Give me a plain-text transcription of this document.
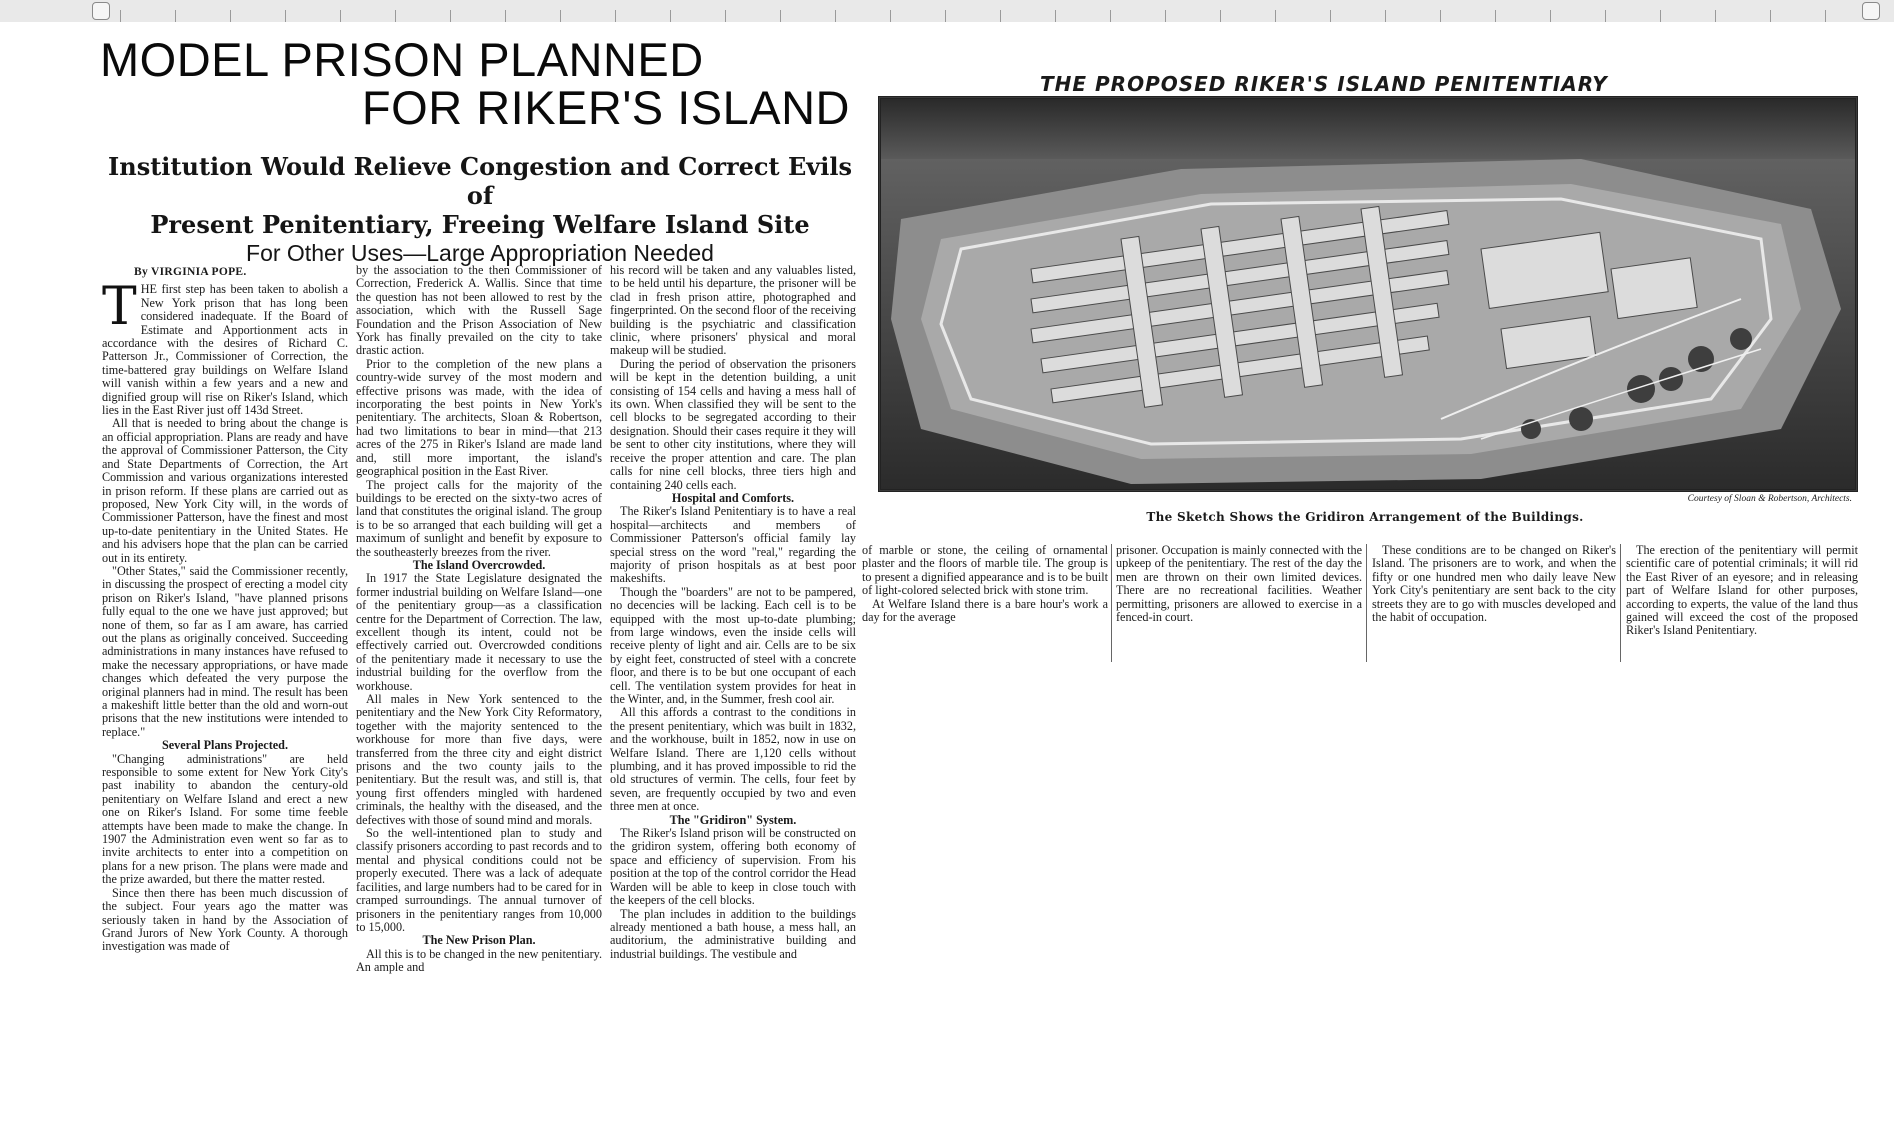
MODEL PRISON PLANNED
FOR RIKER'S ISLAND
Institution Would Relieve Congestion and Correct Evils of
Present Penitentiary, Freeing Welfare Island Site
For Other Uses—Large Appropriation Needed
By VIRGINIA POPE.

THE first step has been taken to abolish a New York prison that has long been considered inadequate. If the Board of Estimate and Apportionment acts in accordance with the desires of Richard C. Patterson Jr., Commissioner of Correction, the time-battered gray buildings on Welfare Island will vanish within a few years and a new and dignified group will rise on Riker's Island, which lies in the East River just off 143d Street.

All that is needed to bring about the change is an official appropriation. Plans are ready and have the approval of Commissioner Patterson, the City and State Departments of Correction, the Art Commission and various organizations interested in prison reform. If these plans are carried out as proposed, New York City will, in the words of Commissioner Patterson, have the finest and most up-to-date penitentiary in the United States. He and his advisers hope that the plan can be carried out in its entirety.

"Other States," said the Commissioner recently, in discussing the prospect of erecting a model city prison on Riker's Island, "have planned prisons fully equal to the one we have just approved; but none of them, so far as I am aware, has carried out the plans as originally conceived. Succeeding administrations in many instances have refused to make the necessary appropriations, or have made changes which defeated the very purpose the original planners had in mind. The result has been a makeshift little better than the old and worn-out prisons that the new institutions were intended to replace."

Several Plans Projected.

"Changing administrations" are held responsible to some extent for New York City's past inability to abandon the century-old penitentiary on Welfare Island and erect a new one on Riker's Island. For some time feeble attempts have been made to make the change. In 1907 the Administration even went so far as to invite architects to enter into a competition on plans for a new prison. The plans were made and the prize awarded, but there the matter rested.

Since then there has been much discussion of the subject. Four years ago the matter was seriously taken in hand by the Association of Grand Jurors of New York County. A thorough investigation was made of

by the association to the then Commissioner of Correction, Frederick A. Wallis. Since that time the question has not been allowed to rest by the association, which with the Russell Sage Foundation and the Prison Association of New York has finally prevailed on the city to take drastic action.

Prior to the completion of the new plans a country-wide survey of the most modern and effective prisons was made, with the idea of incorporating the best points in New York's penitentiary. The architects, Sloan & Robertson, had two limitations to bear in mind—that 213 acres of the 275 in Riker's Island are made land and, still more important, the island's geographical position in the East River.

The project calls for the majority of the buildings to be erected on the sixty-two acres of land that constitutes the original island. The group is to be so arranged that each building will get a maximum of sunlight and benefit by exposure to the southeasterly breezes from the river.

The Island Overcrowded.

In 1917 the State Legislature designated the former industrial building on Welfare Island—one of the penitentiary group—as a classification centre for the Department of Correction. The law, excellent though its intent, could not be effectively carried out. Overcrowded conditions of the penitentiary made it necessary to use the industrial building for the overflow from the workhouse.

All males in New York sentenced to the penitentiary and the New York City Reformatory, together with the majority sentenced to the workhouse for more than five days, were transferred from the three city and eight district prisons and the two county jails to the penitentiary. But the result was, and still is, that young first offenders mingled with hardened criminals, the healthy with the diseased, and the defectives with those of sound mind and morals.

So the well-intentioned plan to study and classify prisoners according to past records and to mental and physical conditions could not be properly executed. There was a lack of adequate facilities, and large numbers had to be cared for in cramped surroundings. The annual turnover of prisoners in the penitentiary ranges from 10,000 to 15,000.

The New Prison Plan.

All this is to be changed in the new penitentiary. An ample and

his record will be taken and any valuables listed, to be held until his departure, the prisoner will be clad in fresh prison attire, photographed and fingerprinted. On the second floor of the receiving building is the psychiatric and classification clinic, where prisoners' physical and moral makeup will be studied.

During the period of observation the prisoners will be kept in the detention building, a unit consisting of 154 cells and having a mess hall of its own. When classified they will be sent to the cell blocks to be segregated according to their designation. Should their cases require it they will be sent to other city institutions, where they will receive the proper attention and care. The plan calls for nine cell blocks, three tiers high and containing 240 cells each.

Hospital and Comforts.

The Riker's Island Penitentiary is to have a real hospital—architects and members of Commissioner Patterson's official family lay special stress on the word "real," regarding the majority of prison hospitals as at best poor makeshifts.

Though the "boarders" are not to be pampered, no decencies will be lacking. Each cell is to be equipped with the most up-to-date plumbing; from large windows, even the inside cells will receive plenty of light and air. Cells are to be six by eight feet, constructed of steel with a concrete floor, and there is to be but one occupant of each cell. The ventilation system provides for heat in the Winter, and, in the Summer, fresh cool air.

All this affords a contrast to the conditions in the present penitentiary, which was built in 1832, and the workhouse, built in 1852, now in use on Welfare Island. There are 1,120 cells without plumbing, and it has proved impossible to rid the old structures of vermin. The cells, four feet by seven, are frequently occupied by two and even three men at once.

The "Gridiron" System.

The Riker's Island prison will be constructed on the gridiron system, offering both economy of space and efficiency of supervision. From his position at the top of the control corridor the Head Warden will be able to keep in close touch with the keepers of the cell blocks.

The plan includes in addition to the buildings already mentioned a bath house, a mess hall, an auditorium, the administrative building and industrial buildings. The vestibule and

THE PROPOSED RIKER'S ISLAND PENITENTIARY
Courtesy of Sloan & Robertson, Architects.
The Sketch Shows the Gridiron Arrangement of the Buildings.

of marble or stone, the ceiling of ornamental plaster and the floors of marble tile. The group is to present a dignified appearance and is to be built of light-colored selected brick with stone trim.

At Welfare Island there is a bare hour's work a day for the average

prisoner. Occupation is mainly connected with the upkeep of the penitentiary. The rest of the day the men are thrown on their own limited devices. There are no recreational facilities. Weather permitting, prisoners are allowed to exercise in a fenced-in court.

These conditions are to be changed on Riker's Island. The prisoners are to work, and when the fifty or one hundred men who daily leave New York City's penitentiary are sent back to the city streets they are to go with muscles developed and the habit of occupation.

The erection of the penitentiary will permit scientific care of potential criminals; it will rid the East River of an eyesore; and in releasing part of Welfare Island for other purposes, according to experts, the value of the land thus gained will exceed the cost of the proposed Riker's Island Penitentiary.
